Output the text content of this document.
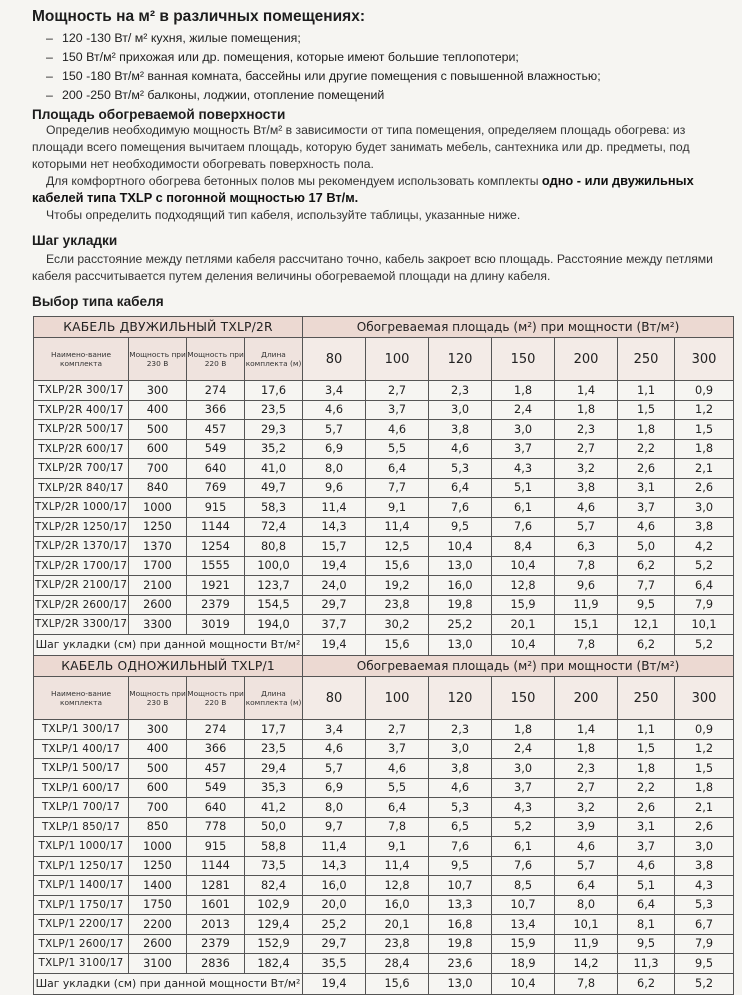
Мощность на м² в различных помещениях:
– 120 -130 Вт/ м² кухня, жилые помещения;
– 150 Вт/м² прихожая или др. помещения, которые имеют большие теплопотери;
– 150 -180 Вт/м² ванная комната, бассейны или другие помещения с повышенной влажностью;
– 200 -250 Вт/м² балконы, лоджии, отопление помещений
Площадь обогреваемой поверхности
Определив необходимую мощность Вт/м² в зависимости от типа помещения, определяем площадь обогрева: из площади всего помещения вычитаем площадь, которую будет занимать мебель, сантехника или др. предметы, под которыми нет необходимости обогревать поверхность пола.
Для комфортного обогрева бетонных полов мы рекомендуем использовать комплекты одно - или двужильных кабелей типа TXLP с погонной мощностью 17 Вт/м.
Чтобы определить подходящий тип кабеля, используйте таблицы, указанные ниже.
Шаг укладки
Если расстояние между петлями кабеля рассчитано точно, кабель закроет всю площадь. Расстояние между петлями кабеля рассчитывается путем деления величины обогреваемой площади на длину кабеля.
Выбор типа кабеля
КАБЕЛЬ ДВУЖИЛЬНЫЙ TXLP/2R				Обогреваемая площадь (м²) при мощности (Вт/м²)						
Наимено-вание комплекта	Мощность при 230 В	Мощность при 220 В	Длина комплекта (м)	80	100	120	150	200	250	300
TXLP/2R 300/17	300	274	17,6	3,4	2,7	2,3	1,8	1,4	1,1	0,9
TXLP/2R 400/17	400	366	23,5	4,6	3,7	3,0	2,4	1,8	1,5	1,2
TXLP/2R 500/17	500	457	29,3	5,7	4,6	3,8	3,0	2,3	1,8	1,5
TXLP/2R 600/17	600	549	35,2	6,9	5,5	4,6	3,7	2,7	2,2	1,8
TXLP/2R 700/17	700	640	41,0	8,0	6,4	5,3	4,3	3,2	2,6	2,1
TXLP/2R 840/17	840	769	49,7	9,6	7,7	6,4	5,1	3,8	3,1	2,6
TXLP/2R 1000/17	1000	915	58,3	11,4	9,1	7,6	6,1	4,6	3,7	3,0
TXLP/2R 1250/17	1250	1144	72,4	14,3	11,4	9,5	7,6	5,7	4,6	3,8
TXLP/2R 1370/17	1370	1254	80,8	15,7	12,5	10,4	8,4	6,3	5,0	4,2
TXLP/2R 1700/17	1700	1555	100,0	19,4	15,6	13,0	10,4	7,8	6,2	5,2
TXLP/2R 2100/17	2100	1921	123,7	24,0	19,2	16,0	12,8	9,6	7,7	6,4
TXLP/2R 2600/17	2600	2379	154,5	29,7	23,8	19,8	15,9	11,9	9,5	7,9
TXLP/2R 3300/17	3300	3019	194,0	37,7	30,2	25,2	20,1	15,1	12,1	10,1
Шаг укладки (см) при данной мощности Вт/м²				19,4	15,6	13,0	10,4	7,8	6,2	5,2
КАБЕЛЬ ОДНОЖИЛЬНЫЙ TXLP/1				Обогреваемая площадь (м²) при мощности (Вт/м²)						
Наимено-вание комплекта	Мощность при 230 В	Мощность при 220 В	Длина комплекта (м)	80	100	120	150	200	250	300
TXLP/1 300/17	300	274	17,7	3,4	2,7	2,3	1,8	1,4	1,1	0,9
TXLP/1 400/17	400	366	23,5	4,6	3,7	3,0	2,4	1,8	1,5	1,2
TXLP/1 500/17	500	457	29,4	5,7	4,6	3,8	3,0	2,3	1,8	1,5
TXLP/1 600/17	600	549	35,3	6,9	5,5	4,6	3,7	2,7	2,2	1,8
TXLP/1 700/17	700	640	41,2	8,0	6,4	5,3	4,3	3,2	2,6	2,1
TXLP/1 850/17	850	778	50,0	9,7	7,8	6,5	5,2	3,9	3,1	2,6
TXLP/1 1000/17	1000	915	58,8	11,4	9,1	7,6	6,1	4,6	3,7	3,0
TXLP/1 1250/17	1250	1144	73,5	14,3	11,4	9,5	7,6	5,7	4,6	3,8
TXLP/1 1400/17	1400	1281	82,4	16,0	12,8	10,7	8,5	6,4	5,1	4,3
TXLP/1 1750/17	1750	1601	102,9	20,0	16,0	13,3	10,7	8,0	6,4	5,3
TXLP/1 2200/17	2200	2013	129,4	25,2	20,1	16,8	13,4	10,1	8,1	6,7
TXLP/1 2600/17	2600	2379	152,9	29,7	23,8	19,8	15,9	11,9	9,5	7,9
TXLP/1 3100/17	3100	2836	182,4	35,5	28,4	23,6	18,9	14,2	11,3	9,5
Шаг укладки (см) при данной мощности Вт/м²				19,4	15,6	13,0	10,4	7,8	6,2	5,2
